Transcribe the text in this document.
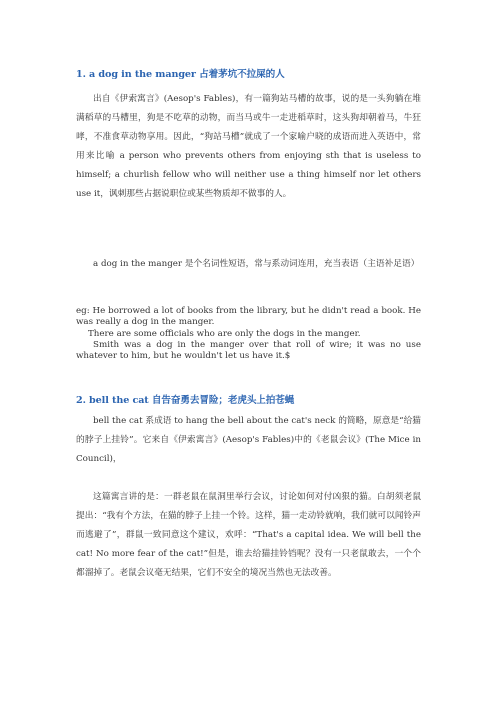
1. a dog in the manger 占着茅坑不拉屎的人

出自《伊索寓言》(Aesop's Fables)，有一篇狗站马槽的故事，说的是一头狗躺在堆满稻草的马槽里，狗是不吃草的动物，而当马或牛一走进稻草时，这头狗却朝着马，牛狂哮，不准食草动物享用。因此，“狗站马槽”就成了一个家喻户晓的成语而进入英语中，常用来比喻 a person who prevents others from enjoying sth that is useless to himself; a churlish fellow who will neither use a thing himself nor let others use it，讽刺那些占据说职位或某些物质却不做事的人。

a dog in the manger 是个名词性短语，常与系动词连用，充当表语（主语补足语）

eg: He borrowed a lot of books from the library, but he didn't read a book. He was really a dog in the manger.

There are some officials who are only the dogs in the manger.

Smith was a dog in the manger over that roll of wire; it was no use whatever to him, but he wouldn't let us have it.$

2. bell the cat 自告奋勇去冒险；老虎头上拍苍蝇

bell the cat 系成语 to hang the bell about the cat's neck 的简略，原意是“给猫的脖子上挂铃”。它来自《伊索寓言》(Aesop's Fables)中的《老鼠会议》(The Mice in Council)，

这篇寓言讲的是：一群老鼠在鼠洞里举行会议，讨论如何对付凶狠的猫。白胡须老鼠提出：“我有个方法，在猫的脖子上挂一个铃。这样，猫一走动铃就响，我们就可以闻铃声而逃避了”，群鼠一致同意这个建议，欢呼：“That's a capital idea. We will bell the cat! No more fear of the cat!”但是，谁去给猫挂铃铛呢？没有一只老鼠敢去，一个个都溜掉了。老鼠会议毫无结果，它们不安全的境况当然也无法改善。
